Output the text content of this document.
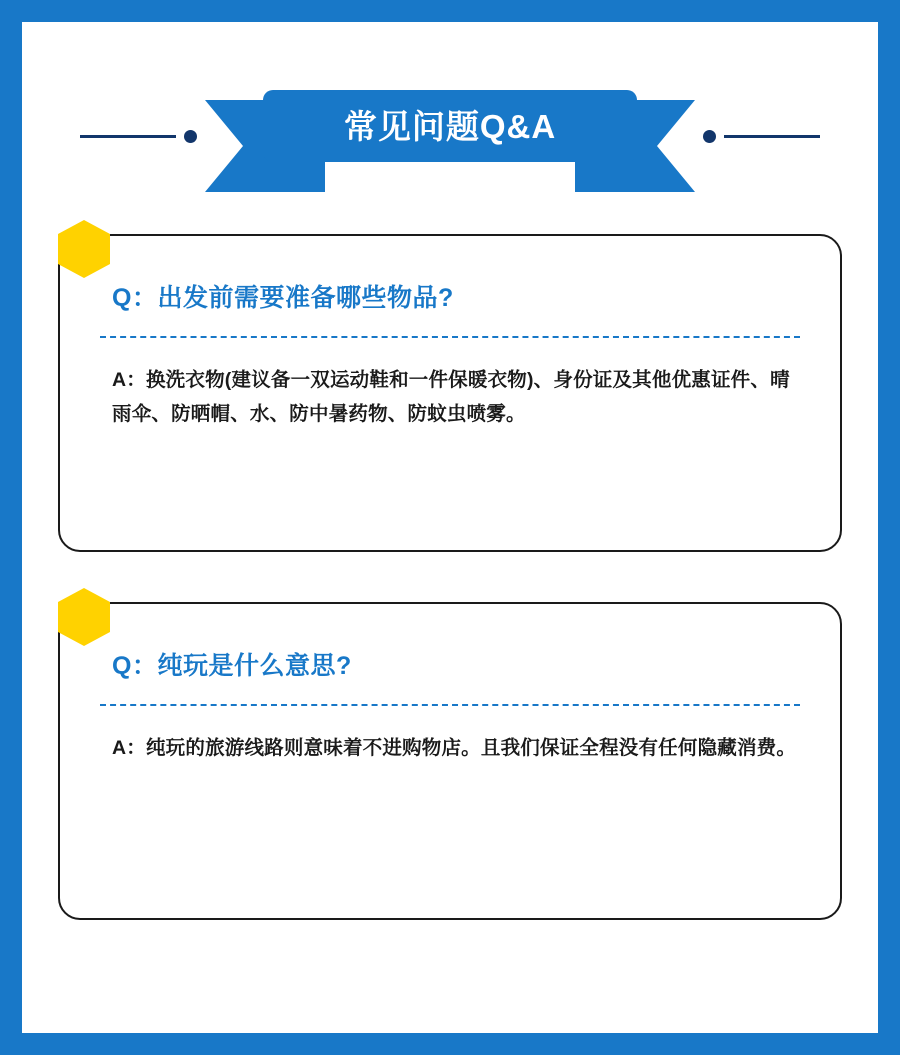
常见问题Q&A

Q：出发前需要准备哪些物品?

A：换洗衣物(建议备一双运动鞋和一件保暖衣物)、身份证及其他优惠证件、晴雨伞、防晒帽、水、防中暑药物、防蚊虫喷雾。

Q：纯玩是什么意思?

A：纯玩的旅游线路则意味着不进购物店。且我们保证全程没有任何隐藏消费。
